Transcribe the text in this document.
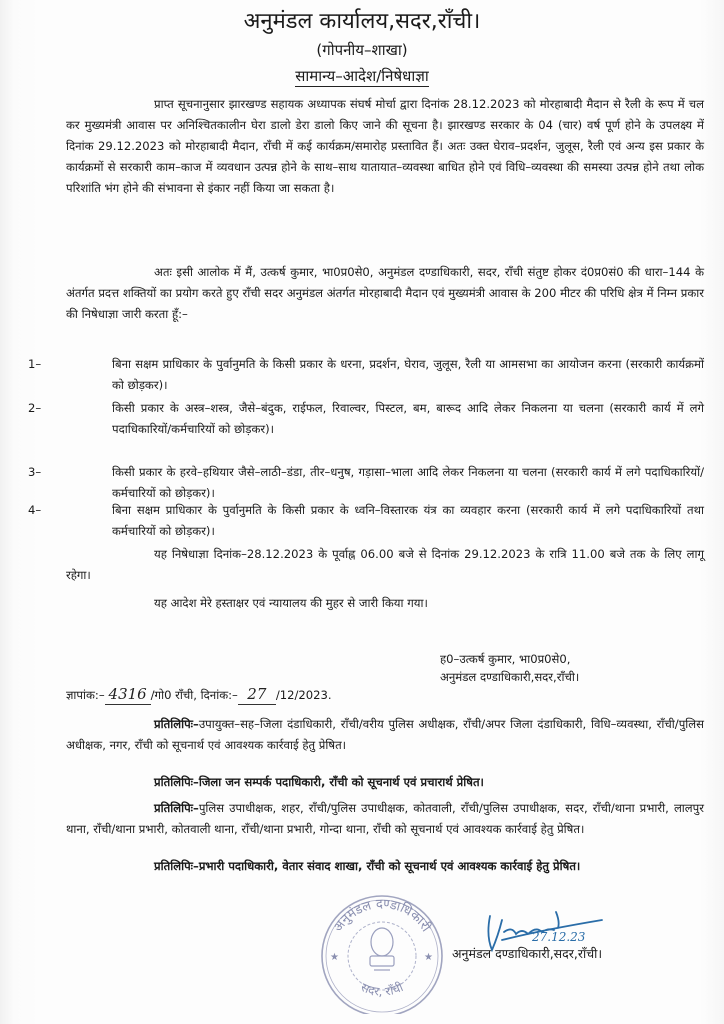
अनुमंडल कार्यालय,सदर,राँची।
(गोपनीय–शाखा)
सामान्य–आदेश/निषेधाज्ञा
प्राप्त सूचनानुसार झारखण्ड सहायक अध्यापक संघर्ष मोर्चा द्वारा दिनांक 28.12.2023 को मोरहाबादी मैदान से रैली के रूप में चल कर मुख्यमंत्री आवास पर अनिश्चितकालीन घेरा डालो डेरा डालो किए जाने की सूचना है। झारखण्ड सरकार के 04 (चार) वर्ष पूर्ण होने के उपलक्ष्य में दिनांक 29.12.2023 को मोरहाबादी मैदान, राँची में कई कार्यक्रम/समारोह प्रस्तावित हैं। अतः उक्त घेराव–प्रदर्शन, जुलूस, रैली एवं अन्य इस प्रकार के कार्यक्रमों से सरकारी काम–काज में व्यवधान उत्पन्न होने के साथ–साथ यातायात–व्यवस्था बाधित होने एवं विधि–व्यवस्था की समस्या उत्पन्न होने तथा लोक परिशांति भंग होने की संभावना से इंकार नहीं किया जा सकता है।
अतः इसी आलोक में मैं, उत्कर्ष कुमार, भा0प्र0से0, अनुमंडल दण्डाधिकारी, सदर, राँची संतुष्ट होकर दं0प्र0सं0 की धारा–144 के अंतर्गत प्रदत्त शक्तियों का प्रयोग करते हुए राँची सदर अनुमंडल अंतर्गत मोरहाबादी मैदान एवं मुख्यमंत्री आवास के 200 मीटर की परिधि क्षेत्र में निम्न प्रकार की निषेधाज्ञा जारी करता हूँ:–
1–	बिना सक्षम प्राधिकार के पुर्वानुमति के किसी प्रकार के धरना, प्रदर्शन, घेराव, जुलूस, रैली या आमसभा का आयोजन करना (सरकारी कार्यक्रमों को छोड़कर)।
2–	किसी प्रकार के अस्त्र–शस्त्र, जैसे–बंदुक, राईफल, रिवाल्वर, पिस्टल, बम, बारूद आदि लेकर निकलना या चलना (सरकारी कार्य में लगे पदाधिकारियों/कर्मचारियों को छोड़कर)।
3–	किसी प्रकार के हरवे–हथियार जैसे–लाठी–डंडा, तीर–धनुष, गड़ासा–भाला आदि लेकर निकलना या चलना (सरकारी कार्य में लगे पदाधिकारियों/कर्मचारियों को छोड़कर)।
4–	बिना सक्षम प्राधिकार के पुर्वानुमति के किसी प्रकार के ध्वनि–विस्तारक यंत्र का व्यवहार करना (सरकारी कार्य में लगे पदाधिकारियों तथा कर्मचारियों को छोड़कर)।
यह निषेधाज्ञा दिनांक–28.12.2023 के पूर्वाह्न 06.00 बजे से दिनांक 29.12.2023 के रात्रि 11.00 बजे तक के लिए लागू रहेगा।
यह आदेश मेरे हस्ताक्षर एवं न्यायालय की मुहर से जारी किया गया।
ह0–उत्कर्ष कुमार, भा0प्र0से0,
अनुमंडल दण्डाधिकारी,सदर,राँची।
ज्ञापांक:– 4316 /गो0 राँची, दिनांक:– 27 /12/2023.
प्रतिलिपिः–उपायुक्त–सह–जिला दंडाधिकारी, राँची/वरीय पुलिस अधीक्षक, राँची/अपर जिला दंडाधिकारी, विधि–व्यवस्था, राँची/पुलिस अधीक्षक, नगर, राँची को सूचनार्थ एवं आवश्यक कार्रवाई हेतु प्रेषित।
प्रतिलिपिः–जिला जन सम्पर्क पदाधिकारी, राँची को सूचनार्थ एवं प्रचारार्थ प्रेषित।
प्रतिलिपिः–पुलिस उपाधीक्षक, शहर, राँची/पुलिस उपाधीक्षक, कोतवाली, राँची/पुलिस उपाधीक्षक, सदर, राँची/थाना प्रभारी, लालपुर थाना, राँची/थाना प्रभारी, कोतवाली थाना, राँची/थाना प्रभारी, गोन्दा थाना, राँची को सूचनार्थ एवं आवश्यक कार्रवाई हेतु प्रेषित।
प्रतिलिपिः–प्रभारी पदाधिकारी, वेतार संवाद शाखा, राँची को सूचनार्थ एवं आवश्यक कार्रवाई हेतु प्रेषित।
अनुमंडल दण्डाधिकारी
सदर, राँची
★	★
27.12.23
अनुमंडल दण्डाधिकारी,सदर,राँची।
